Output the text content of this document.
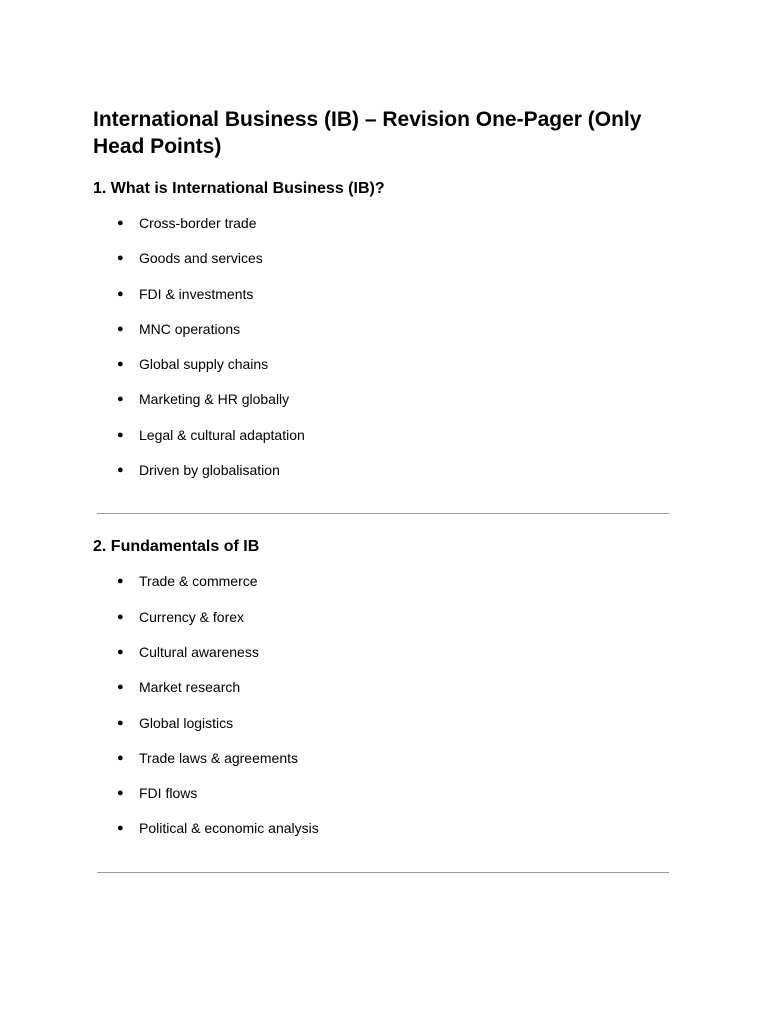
International Business (IB) – Revision One-Pager (Only Head Points)
1. What is International Business (IB)?
● Cross-border trade
● Goods and services
● FDI & investments
● MNC operations
● Global supply chains
● Marketing & HR globally
● Legal & cultural adaptation
● Driven by globalisation
2. Fundamentals of IB
● Trade & commerce
● Currency & forex
● Cultural awareness
● Market research
● Global logistics
● Trade laws & agreements
● FDI flows
● Political & economic analysis
